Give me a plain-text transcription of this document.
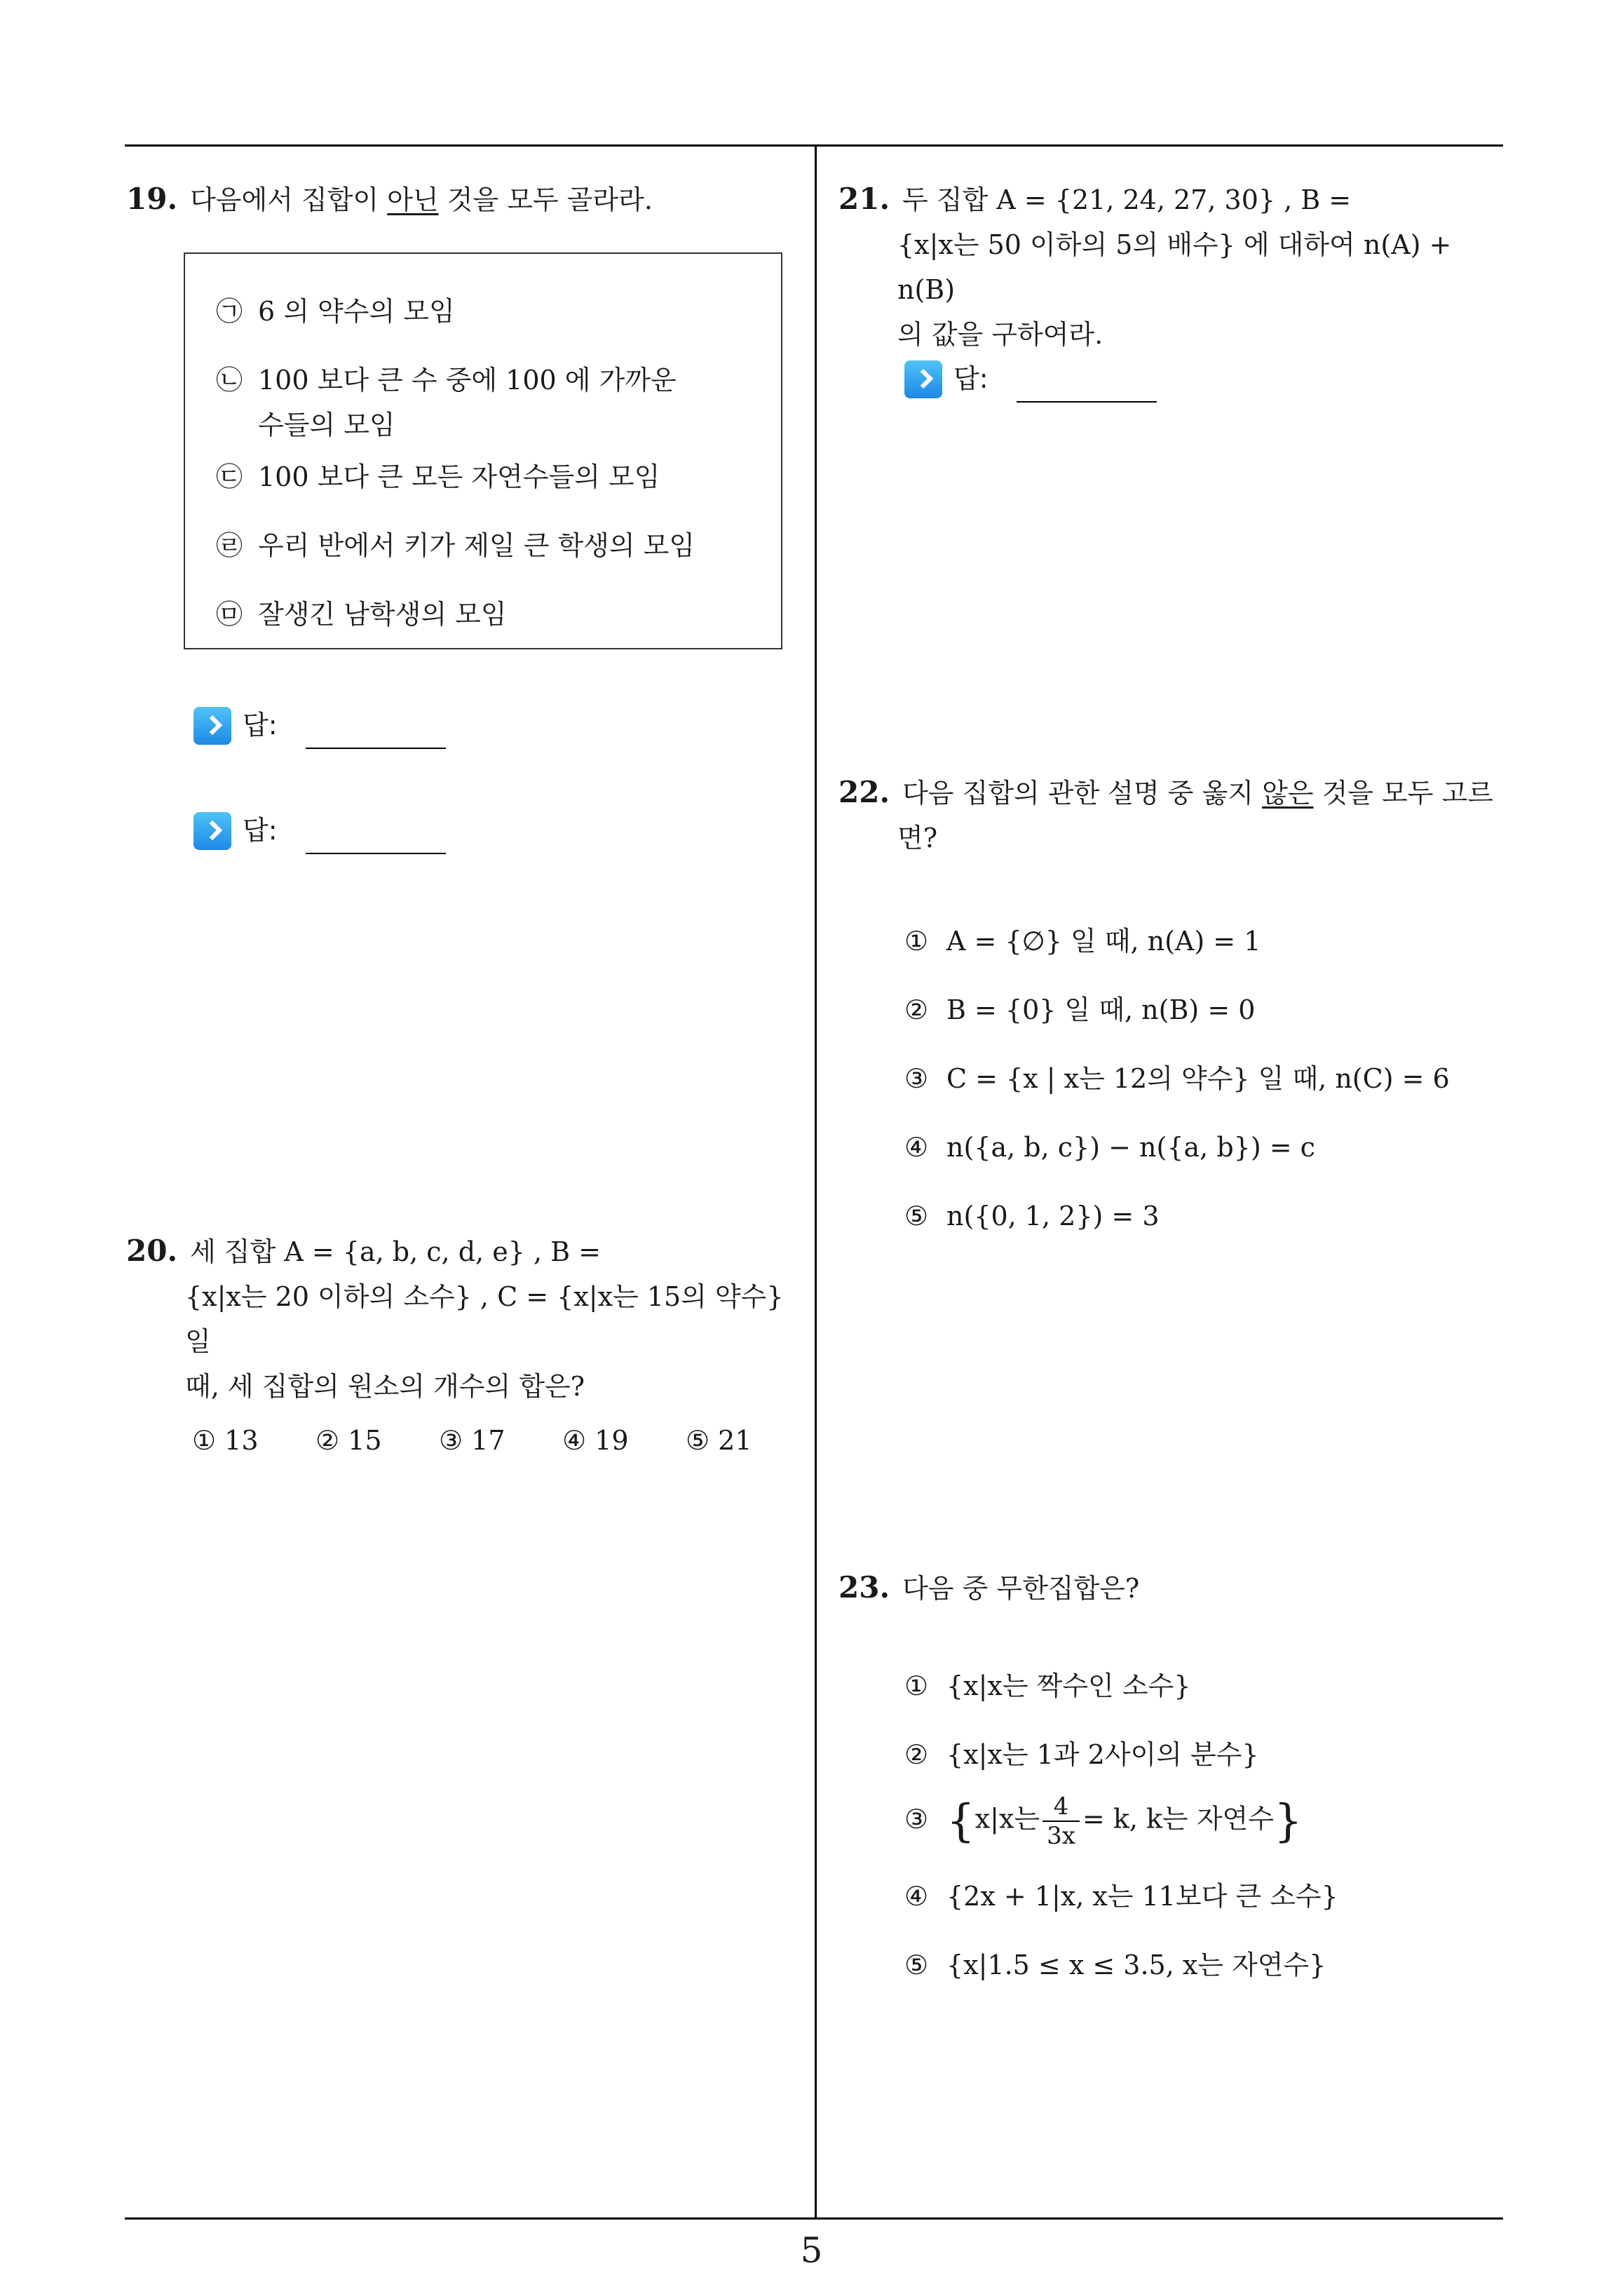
19. 다음에서 집합이 아닌 것을 모두 골라라.
㉠ 6 의 약수의 모임
㉡ 100 보다 큰 수 중에 100 에 가까운
수들의 모임
㉢ 100 보다 큰 모든 자연수들의 모임
㉣ 우리 반에서 키가 제일 큰 학생의 모임
㉤ 잘생긴 남학생의 모임
답:
답:
20. 세 집합 A = {a, b, c, d, e} , B =
{x|x는 20 이하의 소수} , C = {x|x는 15의 약수} 일
때, 세 집합의 원소의 개수의 합은?
① 13 ② 15 ③ 17 ④ 19 ⑤ 21
21. 두 집합 A = {21, 24, 27, 30} , B =
{x|x는 50 이하의 5의 배수} 에 대하여 n(A) + n(B)
의 값을 구하여라.
답:
22. 다음 집합의 관한 설명 중 옳지 않은 것을 모두 고르
면?
① A = {∅} 일 때, n(A) = 1
② B = {0} 일 때, n(B) = 0
③ C = {x | x는 12의 약수} 일 때, n(C) = 6
④ n({a, b, c}) − n({a, b}) = c
⑤ n({0, 1, 2}) = 3
23. 다음 중 무한집합은?
① {x|x는 짝수인 소수}
② {x|x는 1과 2사이의 분수}
③ {x|x는 $\frac{4}{3x} = k$, k는 자연수}
④ {2x + 1|x, x는 11보다 큰 소수}
⑤ {x|1.5 ≤ x ≤ 3.5, x는 자연수}
5
